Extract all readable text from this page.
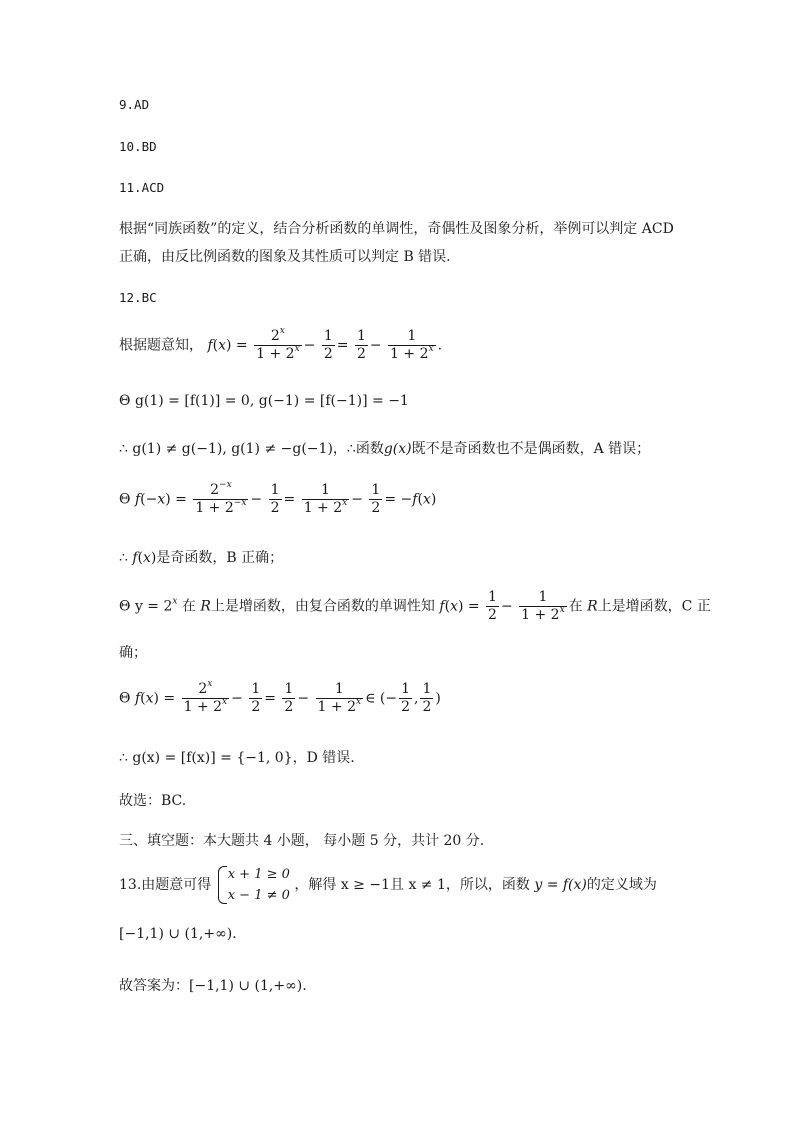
9.AD
10.BD
11.ACD
根据“同族函数”的定义，结合分析函数的单调性，奇偶性及图象分析，举例可以判定 ACD
正确，由反比例函数的图象及其性质可以判定 B 错误.
12.BC
根据题意知， $f(x) = \frac{2^x}{1 + 2^x} - \frac{1}{2} = \frac{1}{2} - \frac{1}{1 + 2^x}$ .
Θ g(1) = [f(1)] = 0, g(−1) = [f(−1)] = −1
∴ g(1) ≠ g(−1), g(1) ≠ −g(−1)，∴函数g(x)既不是奇函数也不是偶函数，A 错误；
Θ $f(-x) = \frac{2^{-x}}{1 + 2^{-x}} - \frac{1}{2} = \frac{1}{1 + 2^x} - \frac{1}{2} = -f(x)$
∴ f(x)是奇函数，B 正确；
Θ $y = 2^x$ 在 R上是增函数，由复合函数的单调性知 $f(x) = \frac{1}{2} - \frac{1}{1 + 2^x}$ 在 R上是增函数，C 正
确；
Θ $f(x) = \frac{2^x}{1 + 2^x} - \frac{1}{2} = \frac{1}{2} - \frac{1}{1 + 2^x}$ ∈ (− $\frac{1}{2}$ , $\frac{1}{2}$ )
∴ g(x) = [f(x)] = {−1, 0}，D 错误.
故选：BC.
三、填空题：本大题共 4 小题， 每小题 5 分，共计 20 分.
13.由题意可得
x + 1 ≥ 0
x − 1 ≠ 0
，解得 x ≥ −1且 x ≠ 1，所以，函数 y = f(x)的定义域为
[−1,1) ∪ (1,+∞).
故答案为：[−1,1) ∪ (1,+∞).
